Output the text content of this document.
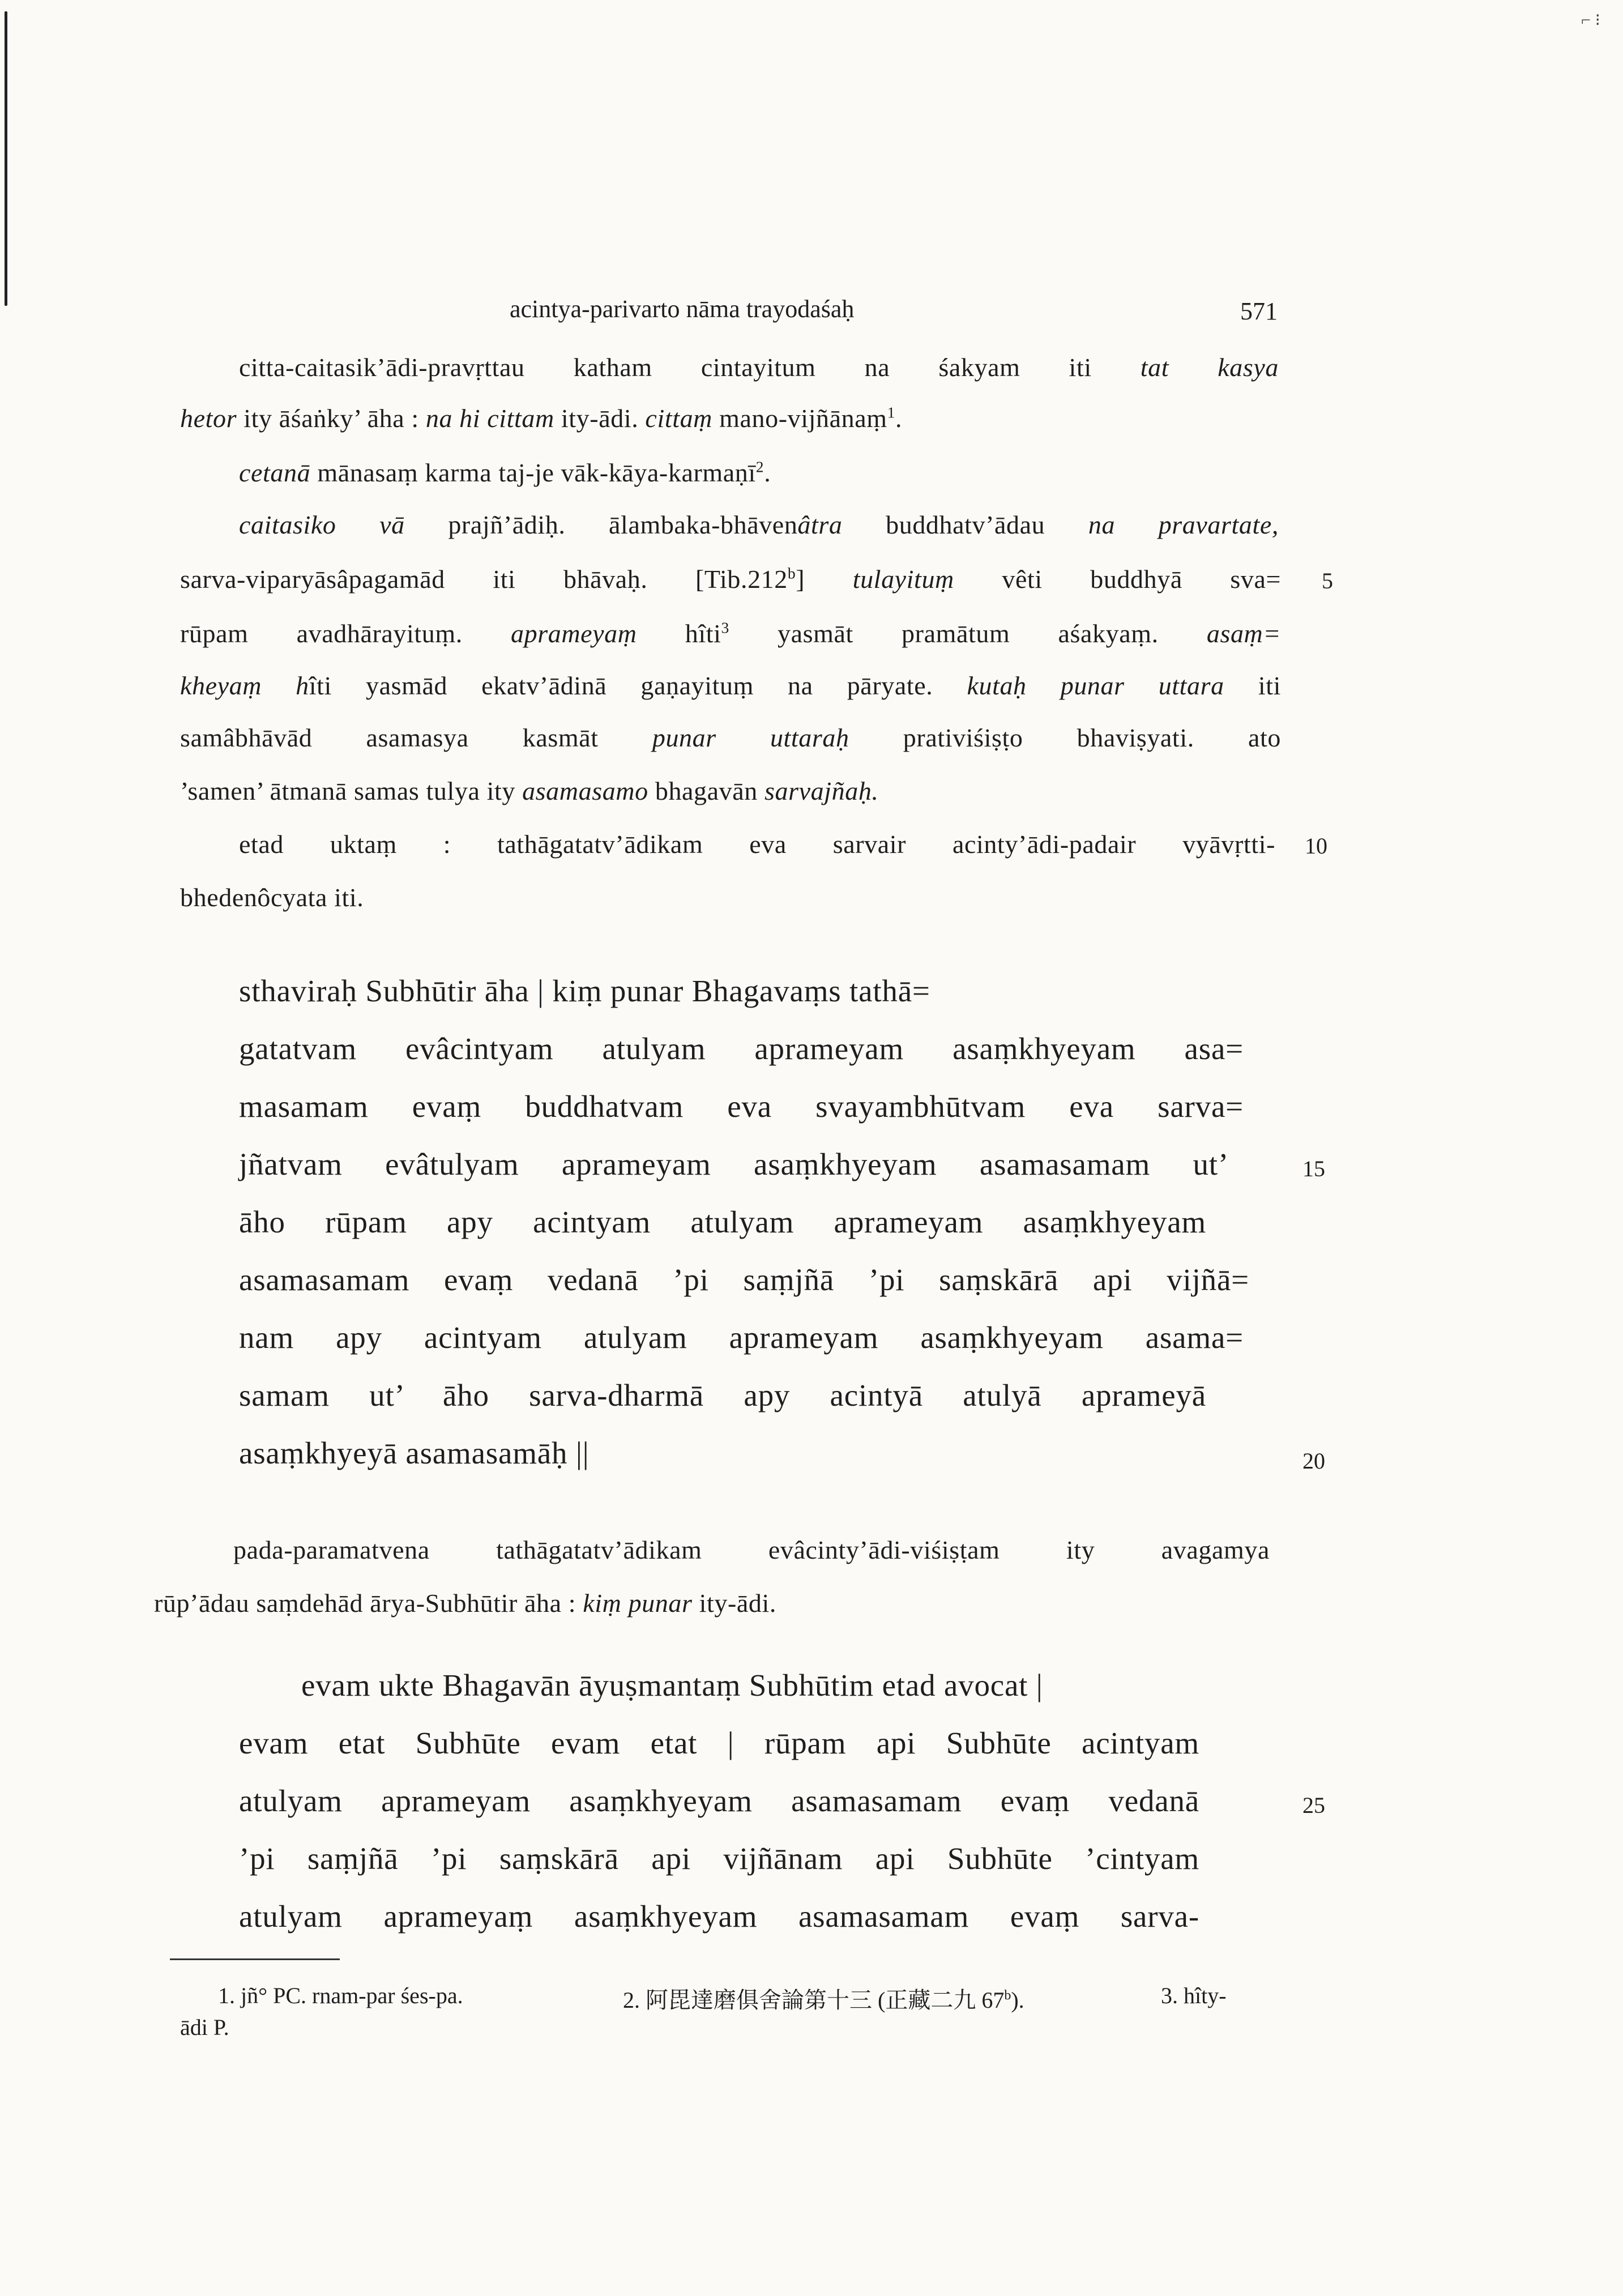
⌐ ⁝
acintya-parivarto nāma trayodaśaḥ	571
citta-caitasik’ādi-pravṛttau katham cintayitum na śakyam iti tat kasya
hetor ity āśaṅky’ āha : na hi cittam ity-ādi. cittaṃ mano-vijñānaṃ$^1$.
cetanā mānasaṃ karma taj-je vāk-kāya-karmaṇī$^2$.
caitasiko vā prajñ’ādiḥ. ālambaka-bhāvenâtra buddhatv’ādau na pravartate,
sarva-viparyāsâpagamād iti bhāvaḥ. [Tib.212$^b$] tulayituṃ vêti buddhyā sva=
rūpam avadhārayituṃ. aprameyaṃ hîti$^3$ yasmāt pramātum aśakyaṃ. asaṃ=
kheyaṃ hîti yasmād ekatv’ādinā gaṇayituṃ na pāryate. kutaḥ punar uttara iti
samâbhāvād asamasya kasmāt punar uttaraḥ prativiśiṣṭo bhaviṣyati. ato
’samen’ ātmanā samas tulya ity asamasamo bhagavān sarvajñaḥ.
etad uktaṃ : tathāgatatv’ādikam eva sarvair acinty’ādi-padair vyāvṛtti-
bhedenôcyata iti.
sthaviraḥ Subhūtir āha | kiṃ punar Bhagavaṃs tathā=
gatatvam evâcintyam atulyam aprameyam asaṃkhyeyam asa=
masamam evaṃ buddhatvam eva svayambhūtvam eva sarva=
jñatvam evâtulyam aprameyam asaṃkhyeyam asamasamam ut’
āho rūpam apy acintyam atulyam aprameyam asaṃkhyeyam
asamasamam evaṃ vedanā ’pi saṃjñā ’pi saṃskārā api vijñā=
nam apy acintyam atulyam aprameyam asaṃkhyeyam asama=
samam ut’ āho sarva-dharmā apy acintyā atulyā aprameyā
asaṃkhyeyā asamasamāḥ ||
pada-paramatvena tathāgatatv’ādikam evâcinty’ādi-viśiṣṭam ity avagamya
rūp’ādau saṃdehād ārya-Subhūtir āha : kiṃ punar ity-ādi.
evam ukte Bhagavān āyuṣmantaṃ Subhūtim etad avocat |
evam etat Subhūte evam etat | rūpam api Subhūte acintyam
atulyam aprameyam asaṃkhyeyam asamasamam evaṃ vedanā
’pi saṃjñā ’pi saṃskārā api vijñānam api Subhūte ’cintyam
atulyam aprameyaṃ asaṃkhyeyam asamasamam evaṃ sarva-
5
10
15
20
25
1. jñ° PC. rnam-par śes-pa.	2. 阿毘達磨俱舍論第十三 (正藏二九 67$^b$).	3. hîty-
ādi P.
